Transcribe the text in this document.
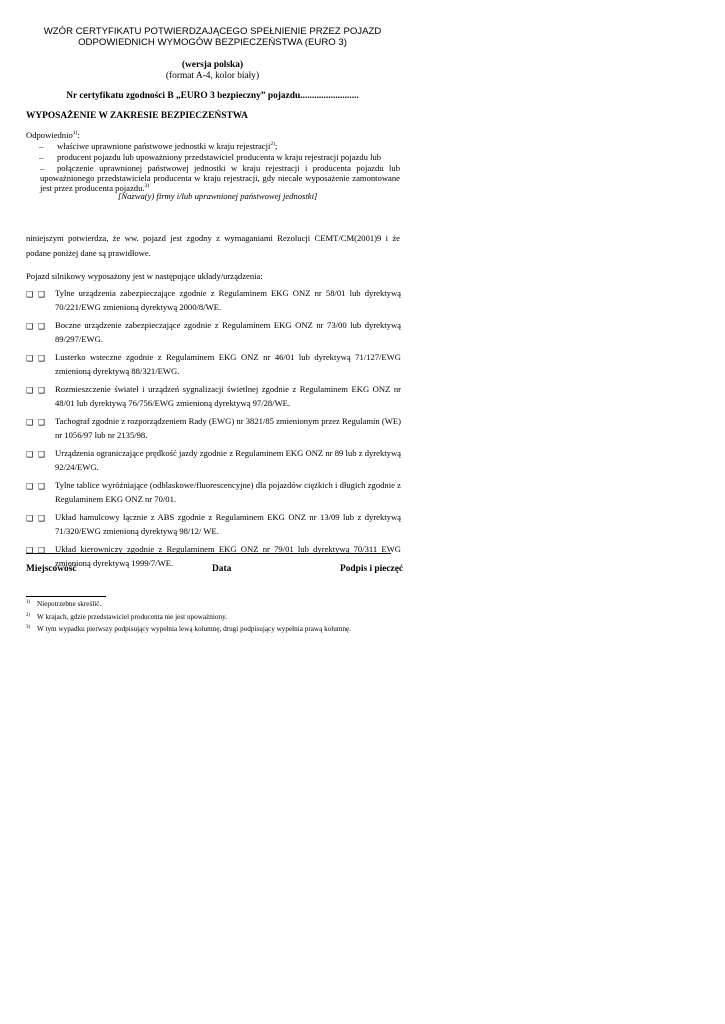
WZÓR CERTYFIKATU POTWIERDZAJĄCEGO SPEŁNIENIE PRZEZ POJAZD
ODPOWIEDNICH WYMOGÓW BEZPIECZEŃSTWA (EURO 3)
(wersja polska)
(format A-4, kolor biały)
Nr certyfikatu zgodności B „EURO 3 bezpieczny” pojazdu.........................
WYPOSAŻENIE W ZAKRESIE BEZPIECZEŃSTWA
Odpowiednio$^{1)}$:
– właściwe uprawnione państwowe jednostki w kraju rejestracji$^{2)}$;
– producent pojazdu lub upoważniony przedstawiciel producenta w kraju rejestracji pojazdu lub
– połączenie uprawnionej państwowej jednostki w kraju rejestracji i producenta pojazdu lub upoważnionego przedstawiciela producenta w kraju rejestracji, gdy niecałe wyposażenie zamontowane jest przez producenta pojazdu.$^{3)}$
[Nazwa(y) firmy i/lub uprawnionej państwowej jednostki]
niniejszym potwierdza, że ww. pojazd jest zgodny z wymaganiami Rezolucji CEMT/CM(2001)9 i że podane poniżej dane są prawidłowe.
Pojazd silnikowy wyposażony jest w następujące układy/urządzenia:
❑ ❑ Tylne urządzenia zabezpieczające zgodnie z Regulaminem EKG ONZ nr 58/01 lub dyrektywą 70/221/EWG zmienioną dyrektywą 2000/8/WE.
❑ ❑ Boczne urządzenie zabezpieczające zgodnie z Regulaminem EKG ONZ nr 73/00 lub dyrektywą 89/297/EWG.
❑ ❑ Lusterko wsteczne zgodnie z Regulaminem EKG ONZ nr 46/01 lub dyrektywą 71/127/EWG zmienioną dyrektywą 88/321/EWG.
❑ ❑ Rozmieszczenie świateł i urządzeń sygnalizacji świetlnej zgodnie z Regulaminem EKG ONZ nr 48/01 lub dyrektywą 76/756/EWG zmienioną dyrektywą 97/28/WE.
❑ ❑ Tachograf zgodnie z rozporządzeniem Rady (EWG) nr 3821/85 zmienionym przez Regulamin (WE) nr 1056/97 lub nr 2135/98.
❑ ❑ Urządzenia ograniczające prędkość jazdy zgodnie z Regulaminem EKG ONZ nr 89 lub z dyrektywą 92/24/EWG.
❑ ❑ Tylne tablice wyróżniające (odblaskowe/fluorescencyjne) dla pojazdów ciężkich i długich zgodnie z Regulaminem EKG ONZ nr 70/01.
❑ ❑ Układ hamulcowy łącznie z ABS zgodnie z Regulaminem EKG ONZ nr 13/09 lub z dyrektywą 71/320/EWG zmienioną dyrektywą 98/12/ WE.
❑ ❑ Układ kierowniczy zgodnie z Regulaminem EKG ONZ nr 79/01 lub dyrektywą 70/311 EWG zmienioną dyrektywą 1999/7/WE.
Miejscowość	Data	Podpis i pieczęć
1) Niepotrzebne skreślić.
2) W krajach, gdzie przedstawiciel producenta nie jest upoważniony.
3) W tym wypadku pierwszy podpisujący wypełnia lewą kolumnę, drugi podpisujący wypełnia prawą kolumnę.
